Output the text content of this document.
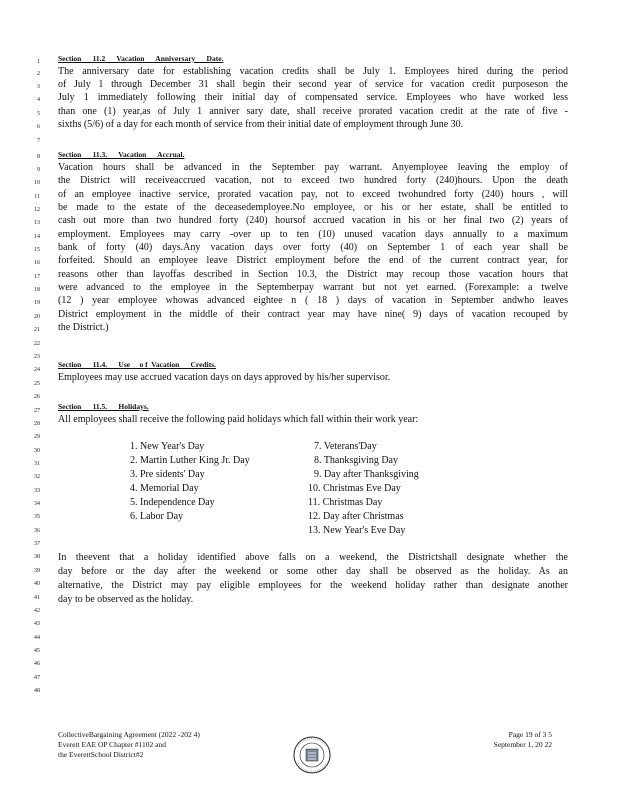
1
2
3
4
5
6
7
8
9
10
11
12
13
14
15
16
17
18
19
20
21
22
23
24
25
26
27
28
29
30
31
32
33
34
35
36
37
38
39
40
41
42
43
44
45
46
47
48
Section      11.2      Vacation      Anniversary      Date.
The anniversary date for establishing vacation credits shall be July 1. Employees hired during the period
of July 1 through December 31 shall begin their second year of service for vacation credit purposeson the
July 1 immediately following their initial day of compensated service. Employees who have worked less
than one (1) year,as of July 1 anniver sary date, shall receive prorated vacation credit at the rate of five -
sixths (5/6) of a day for each month of service from their initial date of employment through June 30.
Section      11.3.      Vacation      Accrual.
Vacation hours shall be advanced in the September pay warrant. Anyemployee leaving the employ of
the District will receiveaccrued vacation, not to exceed two hundred forty (240)hours. Upon the death
of an employee inactive service, prorated vacation pay, not to exceed twohundred forty (240) hours , will
be made to the estate of the deceasedemployee.No employee, or his or her estate, shall be entitled to
cash out more than two hundred forty (240) hoursof accrued vacation in his or her final two (2) years of
employment. Employees may carry -over up to ten (10) unused vacation days annually to a maximum
bank of forty (40) days.Any vacation days over forty (40) on September 1 of each year shall be
forfeited. Should an employee leave District employment before the end of the current contract year, for
reasons other than layoffas described in Section 10.3, the District may recoup those vacation hours that
were advanced to the employee in the Septemberpay warrant but not yet earned. (Forexample: a twelve
(12 ) year employee whowas advanced eightee n ( 18 ) days of vacation in September andwho leaves
District employment in the middle of their contract year may have nine( 9) days of vacation recouped by
the District.)
Section      11.4.      Use     o f  Vacation      Credits.
Employees may use accrued vacation days on days approved by his/her supervisor.
Section      11.5.      Holidays.
All employees shall receive the following paid holidays which fall within their work year:
1. New Year's Day
2. Martin Luther King Jr. Day
3. Pre sidents' Day
4. Memorial Day
5. Independence Day
6. Labor Day
7. Veterans'Day
8. Thanksgiving Day
9. Day after Thanksgiving
10. Christmas Eve Day
11. Christmas Day
12. Day after Christmas
13. New Year's Eve Day
In theevent that a holiday identified above falls on a weekend, the Districtshall designate whether the
day before or the day after the weekend or some other day shall be observed as the holiday. As an
alternative, the District may pay eligible employees for the weekend holiday rather than designate another
day to be observed as the holiday.
CollectiveBargaining Agreement (2022 -202 4)
Everett EAE OP Chapter #1102 and
the EverettSchool District#2
Page 19 of 3 5
September 1, 20 22
